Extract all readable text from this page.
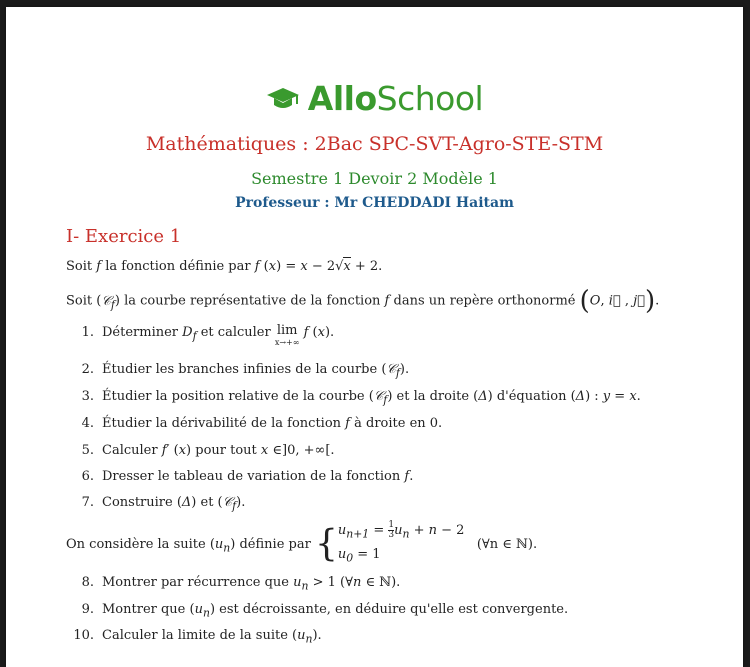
AlloSchool
Mathématiques : 2Bac SPC-SVT-Agro-STE-STM
Semestre 1 Devoir 2 Modèle 1
Professeur : Mr CHEDDADI Haitam
I- Exercice 1
Soit f la fonction définie par f (x) = x − 2√x + 2.
Soit (𝒞$_f$) la courbe représentative de la fonction f dans un repère orthonormé (O, i⃗ , j⃗).
1. Déterminer $D_f$ et calculer lim
x→+∞
f (x).
2. Étudier les branches infinies de la courbe (𝒞$_f$).
3. Étudier la position relative de la courbe (𝒞$_f$) et la droite (Δ) d'équation (Δ) : y = x.
4. Étudier la dérivabilité de la fonction f à droite en 0.
5. Calculer f′ (x) pour tout x ∈]0, +∞[.
6. Dresser le tableau de variation de la fonction f.
7. Construire (Δ) et (𝒞$_f$).
On considère la suite $(u_n)$ définie par { $u_{n+1} = \frac{1}{3} u_n + n - 2$
$u_0 = 1$
(∀n ∈ ℕ).
8. Montrer par récurrence que $u_n > 1$ (∀n ∈ ℕ).
9. Montrer que $(u_n)$ est décroissante, en déduire qu'elle est convergente.
10. Calculer la limite de la suite $(u_n)$.
